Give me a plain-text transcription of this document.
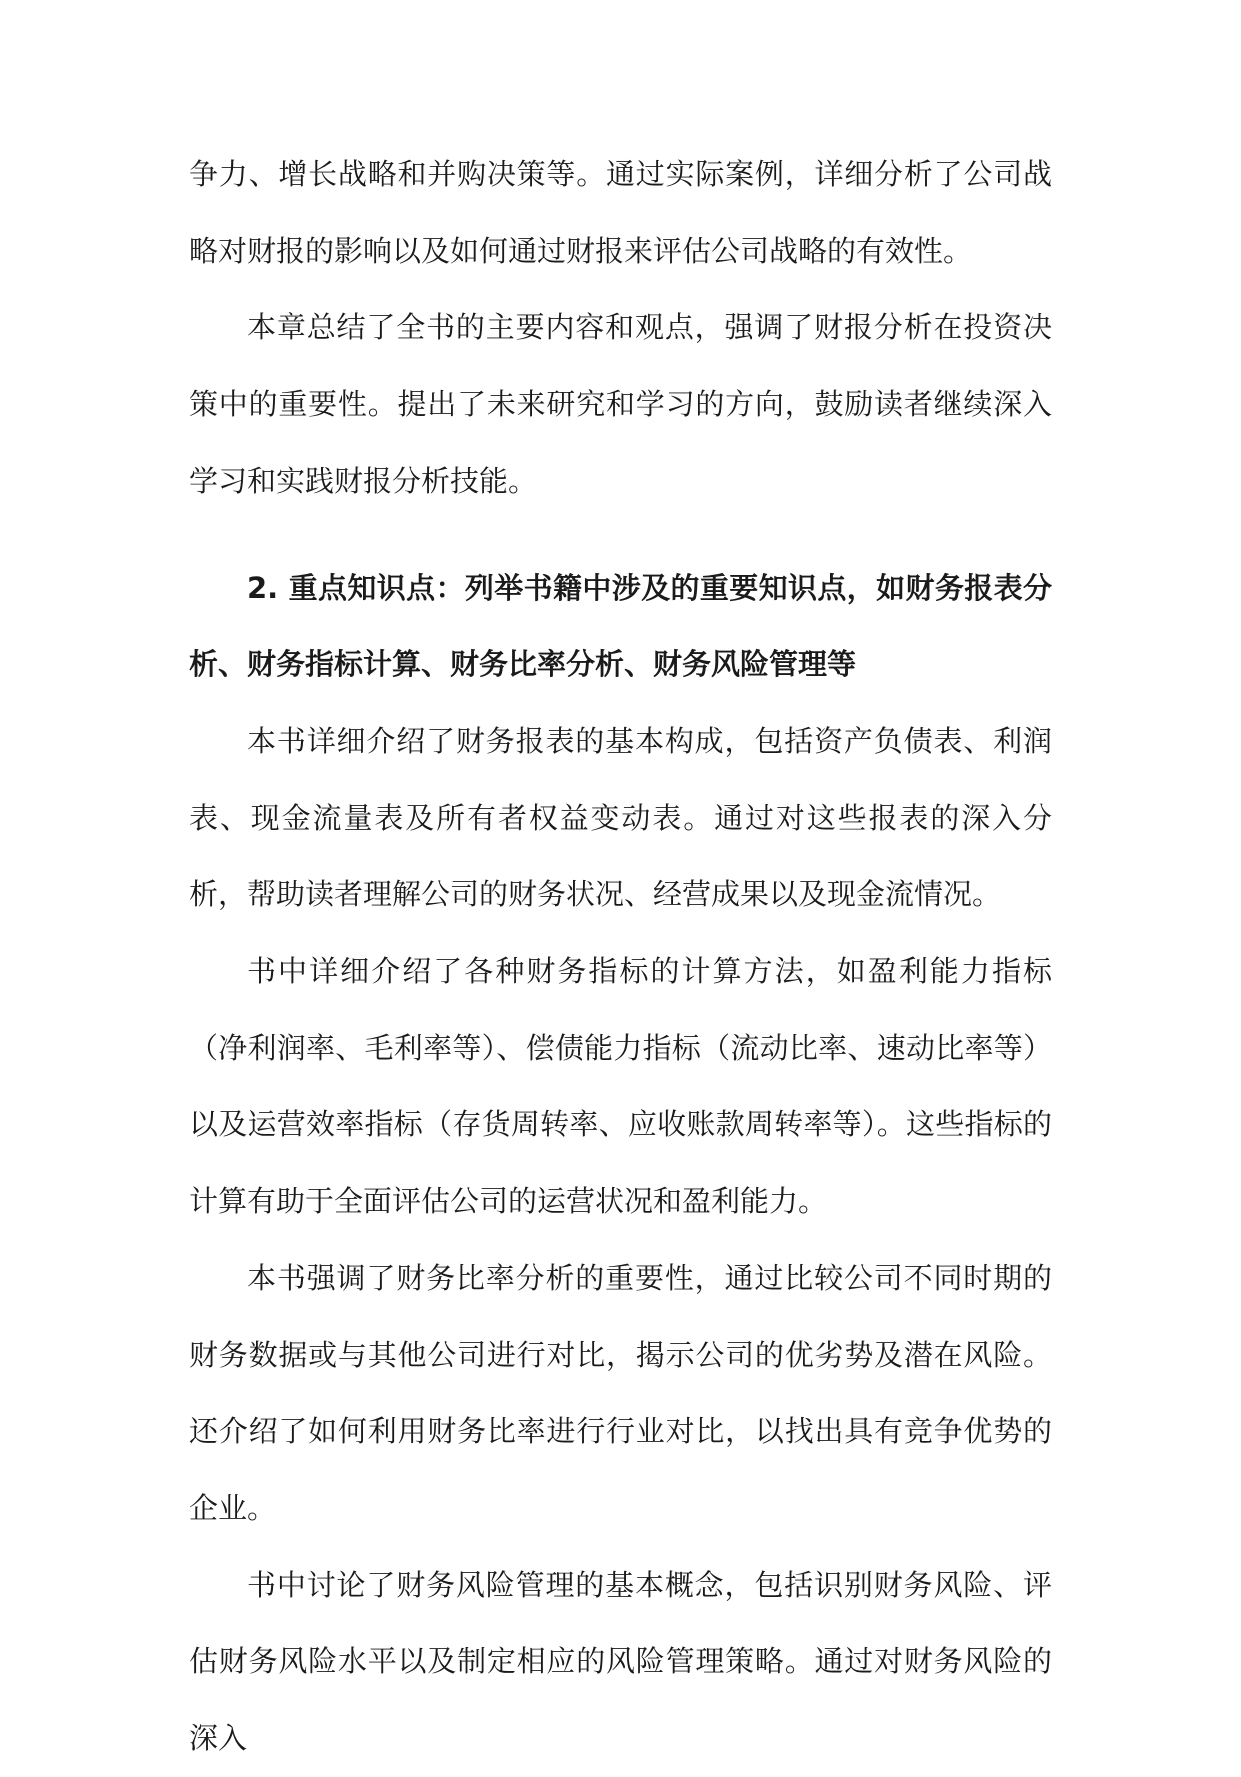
争力、增长战略和并购决策等。通过实际案例，详细分析了公司战略对财报的影响以及如何通过财报来评估公司战略的有效性。

本章总结了全书的主要内容和观点，强调了财报分析在投资决策中的重要性。提出了未来研究和学习的方向，鼓励读者继续深入学习和实践财报分析技能。

2. 重点知识点：列举书籍中涉及的重要知识点，如财务报表分析、财务指标计算、财务比率分析、财务风险管理等

本书详细介绍了财务报表的基本构成，包括资产负债表、利润表、现金流量表及所有者权益变动表。通过对这些报表的深入分析，帮助读者理解公司的财务状况、经营成果以及现金流情况。

书中详细介绍了各种财务指标的计算方法，如盈利能力指标（净利润率、毛利率等）、偿债能力指标（流动比率、速动比率等）以及运营效率指标（存货周转率、应收账款周转率等）。这些指标的计算有助于全面评估公司的运营状况和盈利能力。

本书强调了财务比率分析的重要性，通过比较公司不同时期的财务数据或与其他公司进行对比，揭示公司的优劣势及潜在风险。还介绍了如何利用财务比率进行行业对比，以找出具有竞争优势的企业。

书中讨论了财务风险管理的基本概念，包括识别财务风险、评估财务风险水平以及制定相应的风险管理策略。通过对财务风险的深入
